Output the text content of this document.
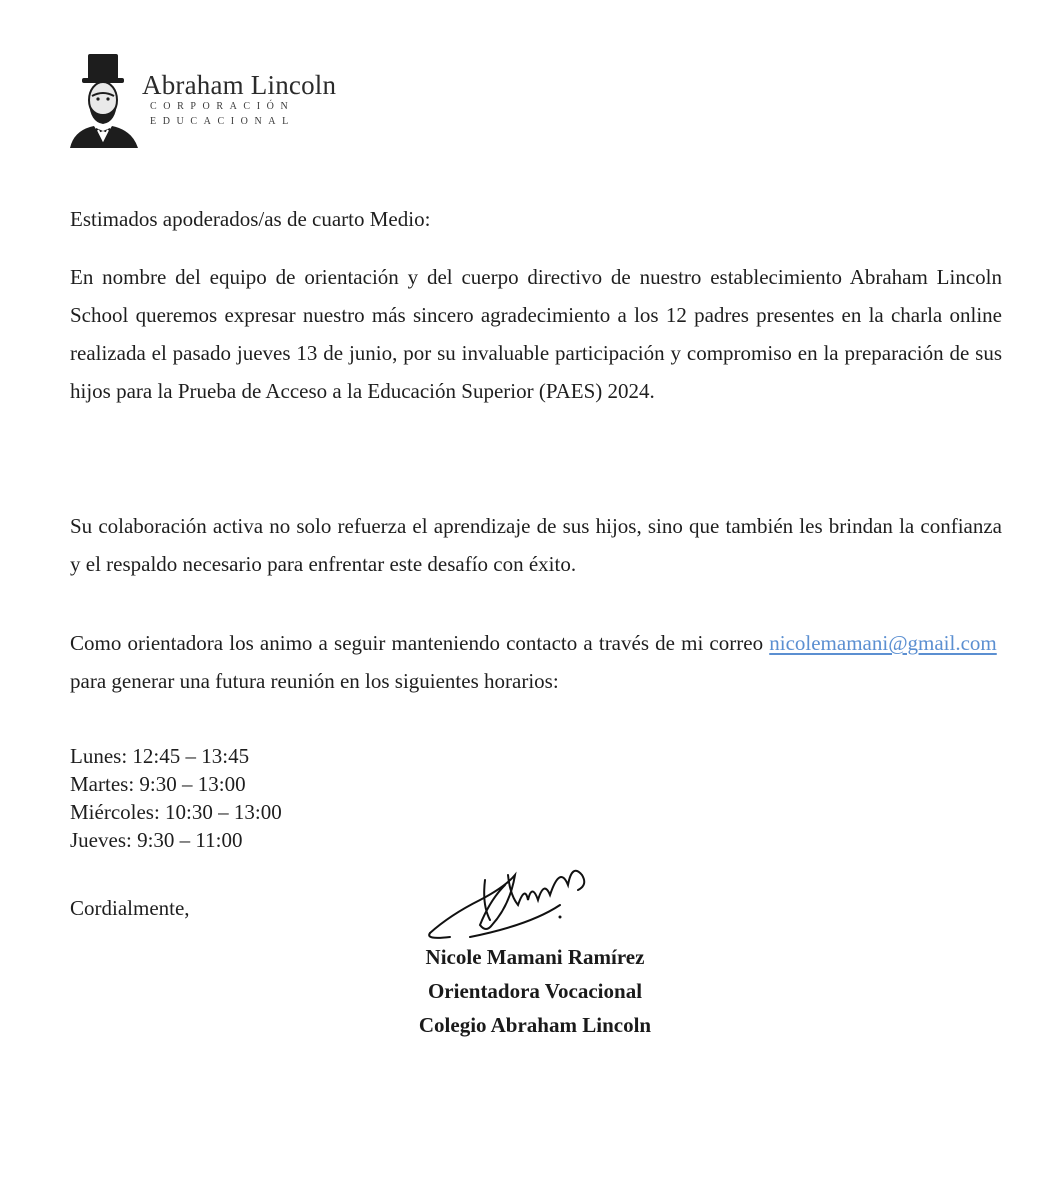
Abraham Lincoln
CORPORACIÓN
EDUCACIONAL
Estimados apoderados/as de cuarto Medio:
En nombre del equipo de orientación y del cuerpo directivo de nuestro establecimiento Abraham Lincoln School queremos expresar nuestro más sincero agradecimiento a los 12 padres presentes en la charla online realizada el pasado jueves 13 de junio, por su invaluable participación y compromiso en la preparación de sus hijos para la Prueba de Acceso a la Educación Superior (PAES) 2024.
Su colaboración activa no solo refuerza el aprendizaje de sus hijos, sino que también les brindan la confianza y el respaldo necesario para enfrentar este desafío con éxito.
Como orientadora los animo a seguir manteniendo contacto a través de mi correo nicolemamani@gmail.com  para generar una futura reunión en los siguientes horarios:
Lunes: 12:45 – 13:45
Martes: 9:30 – 13:00
Miércoles: 10:30 – 13:00
Jueves: 9:30 – 11:00
Cordialmente,
Nicole Mamani Ramírez
Orientadora Vocacional
Colegio Abraham Lincoln
